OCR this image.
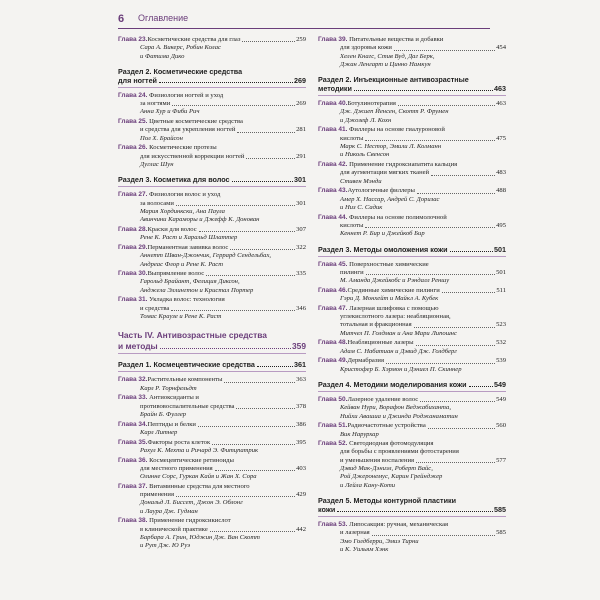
6 Оглавление
Глава 23. Косметические средства для глаз	259
Сара А. Викерс, Робин Колас
и Фатима Дико
Раздел 2. Косметические средства
для ногтей	269
Глава 24. Физиология ногтей и уход
за ногтями	269
Анна Хур и Фиби Рич
Глава 25. Цветные косметические средства
и средства для укрепления ногтей	281
Пол Х. Брайсон
Глава 26. Косметические протезы
для искусственной коррекции ногтей	291
Дуглас Шун
Раздел 3. Косметика для волос	301
Глава 27. Физиология волос и уход
за волосами	301
Мария Хординкски, Ана Паула
Авинчини Караморы и Джефф К. Донован
Глава 28. Краски для волос	307
Рене К. Раст и Харальд Шлаттер
Глава 29. Перманентная завивка волос	322
Аннетт Шван-Джончик, Геррард Сендельбах,
Андреас Флор и Рене К. Раст
Глава 30. Выпрямление волос	335
Гарольд Брайант, Фелиция Диксон,
Анджела Эллингтон и Кристал Портер
Глава 31. Укладка волос: технология
и средства	346
Томас Краузе и Рене К. Раст
Часть IV. Антивозрастные средства
и методы	359
Раздел 1. Космецевтические средства	361
Глава 32. Растительные компоненты	363
Карл Р. Торнфельдт
Глава 33. Антиоксиданты и
противовоспалительные средства	378
Брайн Б. Фуллер
Глава 34. Пептиды и белки	386
Карл Литнер
Глава 35. Факторы роста клеток	395
Рахул К. Мехта и Ричард Э. Фитцпатрик
Глава 36. Космецевтические ретиноиды
для местного применения	403
Олинне Сорс, Гуркан Кайя и Жан Х. Сора
Глава 37. Витаминные средства для местного
применения	429
Дональд Л. Биссет, Джон Э. Облонг
и Лаура Дж. Гудман
Глава 38. Применение гидроксикислот
в клинической практике	442
Барбара А. Грин, Юджин Дж. Ван Скотт
и Рут Дж. Ю Руэ
Глава 39. Питательные вещества и добавки
для здоровья кожи	454
Хелен Кнагс, Стив Вуд, Даг Берк,
Джан Ленгарт и Цинно Намкун
Раздел 2. Инъекционные антивозрастные
методики	463
Глава 40. Ботулинотерапия	463
Дж. Джиеп Йенсен, Скотт Р. Фрумен
и Джозеф Л. Кохн
Глава 41. Филлеры на основе гиалуроновой
кислоты	475
Марк С. Нестор, Эмили Л. Колманн
и Николь Свенсон
Глава 42. Применение гидроксиапатита кальция
для аугментации мягких тканей	483
Стивен Мэнди
Глава 43. Аутологичные филлеры	488
Амер Х. Нассар, Андрей С. Доризас
и Низ С. Садик
Глава 44. Филлеры на основе полимолочной
кислоты	495
Кеннет Р. Бир и Джейкоб Бир
Раздел 3. Методы омоложения кожи	501
Глава 45. Поверхностные химические
пилинги	501
М. Аманда Джейкобс и Рэндалл Реншу
Глава 46. Срединные химические пилинги	511
Гэри Д. Монхейт и Майкл А. Кубек
Глава 47. Лазерная шлифовка с помощью
углекислотного лазера: неабляционная,
тотальная и фракционная	523
Митчел П. Голдман и Ана Мари Липошнс
Глава 48. Неабляционные лазеры	532
Адам С. Набатиан и Дэвид Дж. Голдберг
Глава 49. Дермабразия	539
Кристофер Б. Хэрмон и Дэниел П. Скиннер
Раздел 4. Методики моделирования кожи	549
Глава 50. Лазерное удаление волос	549
Кейван Нури, Ворафон Веджабиханта,
Нийхи Авашиа и Джинда Роджанаматин
Глава 51. Радиочастотные устройства	560
Вик Нарурхар
Глава 52. Светодиодная фотомодуляция
для борьбы с проявлениями фотостарения
и уменьшения воспаления	577
Дэвид Мак-Дэниэл, Роберт Вайс,
Рой Джеронемус, Карин Грейнджер
и Лейла Кану-Коти
Раздел 5. Методы контурной пластики
кожи	585
Глава 53. Липосакция: ручная, механическая
и лазерная	585
Эмо Голдберри, Эмиэ Тирни
и К. Уильям Хэнк
